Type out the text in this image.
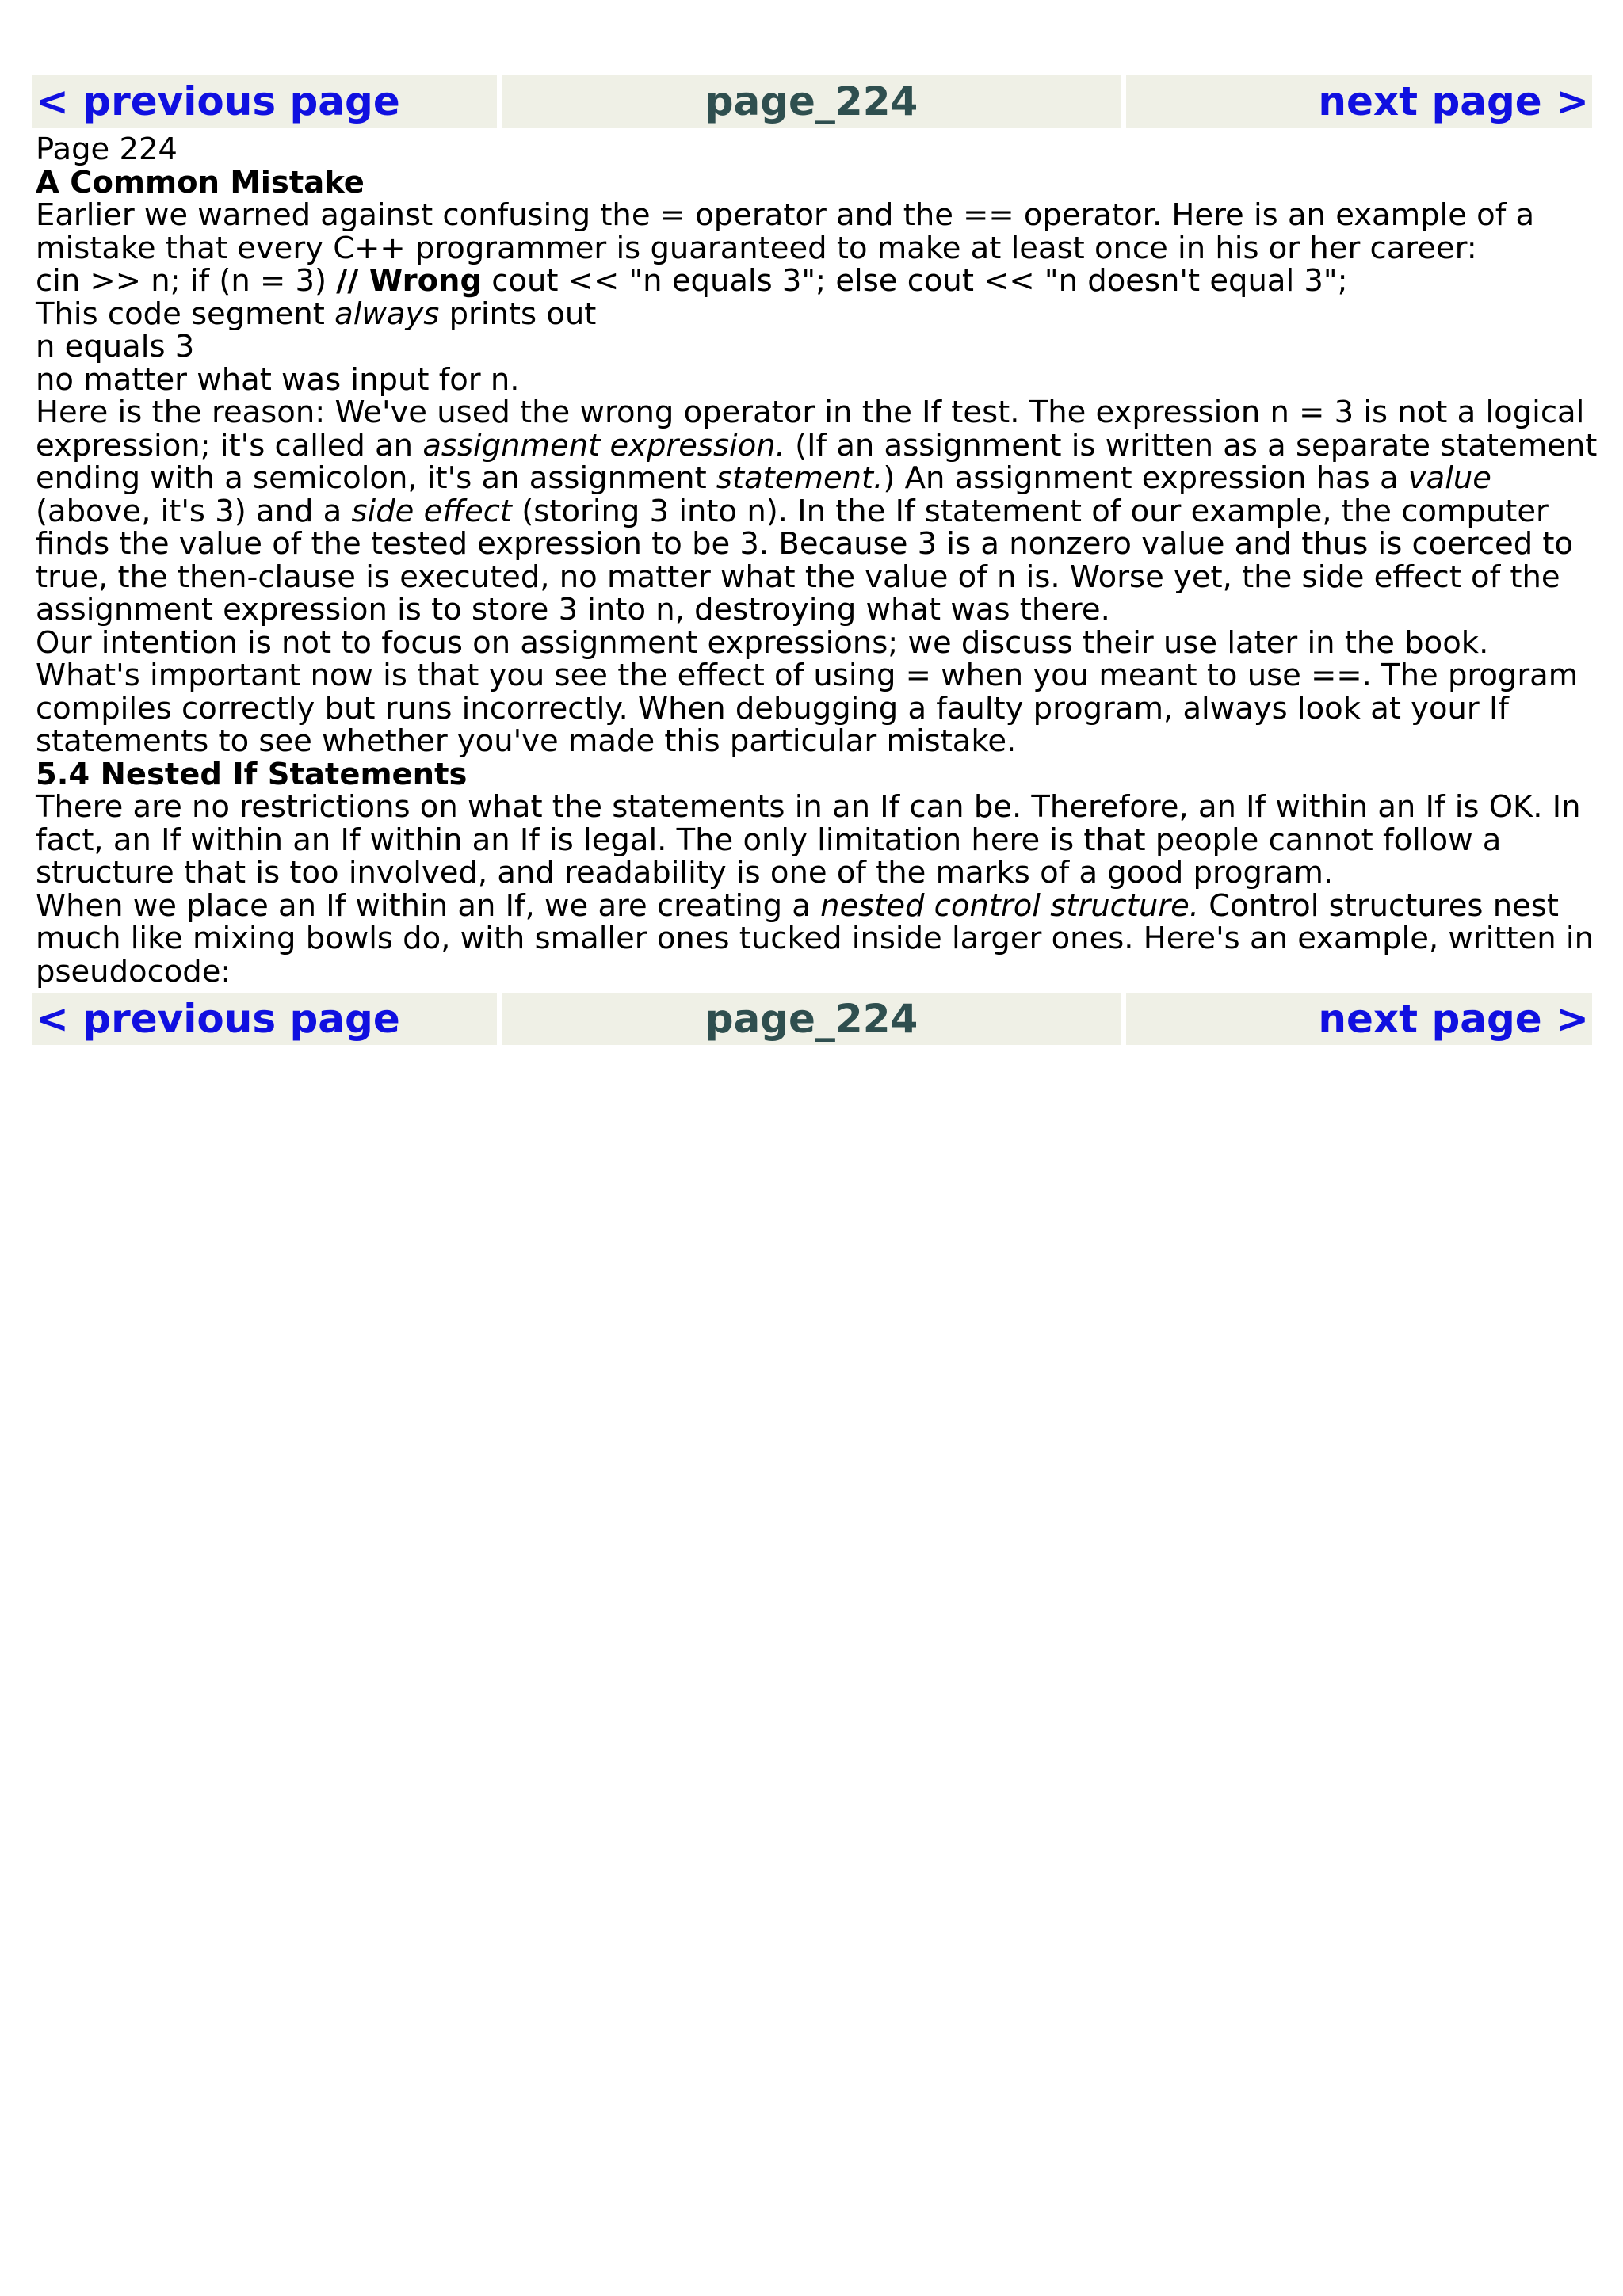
< previous page	page_224	next page >
Page 224
A Common Mistake

Earlier we warned against confusing the = operator and the == operator. Here is an example of a mistake that every C++ programmer is guaranteed to make at least once in his or her career:

cin >> n; if (n = 3) // Wrong cout << "n equals 3"; else cout << "n doesn't equal 3";

This code segment always prints out

n equals 3

no matter what was input for n.

Here is the reason: We've used the wrong operator in the If test. The expression n = 3 is not a logical expression; it's called an assignment expression. (If an assignment is written as a separate statement ending with a semicolon, it's an assignment statement.) An assignment expression has a value (above, it's 3) and a side effect (storing 3 into n). In the If statement of our example, the computer finds the value of the tested expression to be 3. Because 3 is a nonzero value and thus is coerced to true, the then-clause is executed, no matter what the value of n is. Worse yet, the side effect of the assignment expression is to store 3 into n, destroying what was there.

Our intention is not to focus on assignment expressions; we discuss their use later in the book. What's important now is that you see the effect of using = when you meant to use ==. The program compiles correctly but runs incorrectly. When debugging a faulty program, always look at your If statements to see whether you've made this particular mistake.

5.4 Nested If Statements

There are no restrictions on what the statements in an If can be. Therefore, an If within an If is OK. In fact, an If within an If within an If is legal. The only limitation here is that people cannot follow a structure that is too involved, and readability is one of the marks of a good program.

When we place an If within an If, we are creating a nested control structure. Control structures nest much like mixing bowls do, with smaller ones tucked inside larger ones. Here's an example, written in pseudocode:

< previous page	page_224	next page >
